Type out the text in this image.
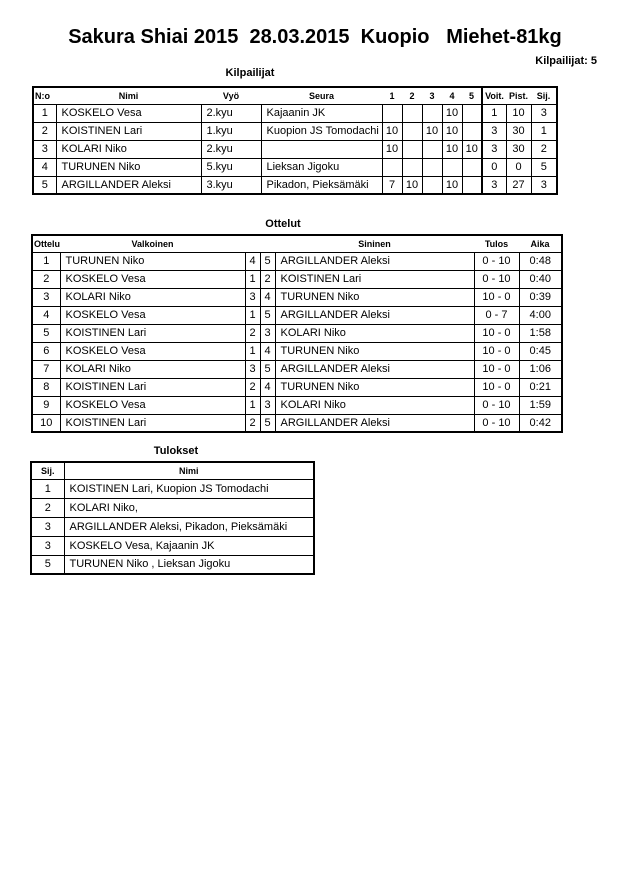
Sakura Shiai 2015  28.03.2015  Kuopio   Miehet-81kg
Kilpailijat: 5
Kilpailijat
N:o	Nimi	Vyö	Seura	1	2	3	4	5	Voit.	Pist.	Sij.
1	KOSKELO Vesa	2.kyu	Kajaanin JK				10		1	10	3
2	KOISTINEN Lari	1.kyu	Kuopion JS Tomodachi	10		10	10		3	30	1
3	KOLARI Niko	2.kyu		10			10	10	3	30	2
4	TURUNEN Niko	5.kyu	Lieksan Jigoku						0	0	5
5	ARGILLANDER Aleksi	3.kyu	Pikadon, Pieksämäki	7	10		10		3	27	3
Ottelut
Ottelu	Valkoinen			Sininen	Tulos	Aika
1	TURUNEN Niko	4	5	ARGILLANDER Aleksi	0 - 10	0:48
2	KOSKELO Vesa	1	2	KOISTINEN Lari	0 - 10	0:40
3	KOLARI Niko	3	4	TURUNEN Niko	10 - 0	0:39
4	KOSKELO Vesa	1	5	ARGILLANDER Aleksi	0 - 7	4:00
5	KOISTINEN Lari	2	3	KOLARI Niko	10 - 0	1:58
6	KOSKELO Vesa	1	4	TURUNEN Niko	10 - 0	0:45
7	KOLARI Niko	3	5	ARGILLANDER Aleksi	10 - 0	1:06
8	KOISTINEN Lari	2	4	TURUNEN Niko	10 - 0	0:21
9	KOSKELO Vesa	1	3	KOLARI Niko	0 - 10	1:59
10	KOISTINEN Lari	2	5	ARGILLANDER Aleksi	0 - 10	0:42
Tulokset
Sij.	Nimi
1	KOISTINEN Lari, Kuopion JS Tomodachi
2	KOLARI Niko,
3	ARGILLANDER Aleksi, Pikadon, Pieksämäki
3	KOSKELO Vesa, Kajaanin JK
5	TURUNEN Niko , Lieksan Jigoku
